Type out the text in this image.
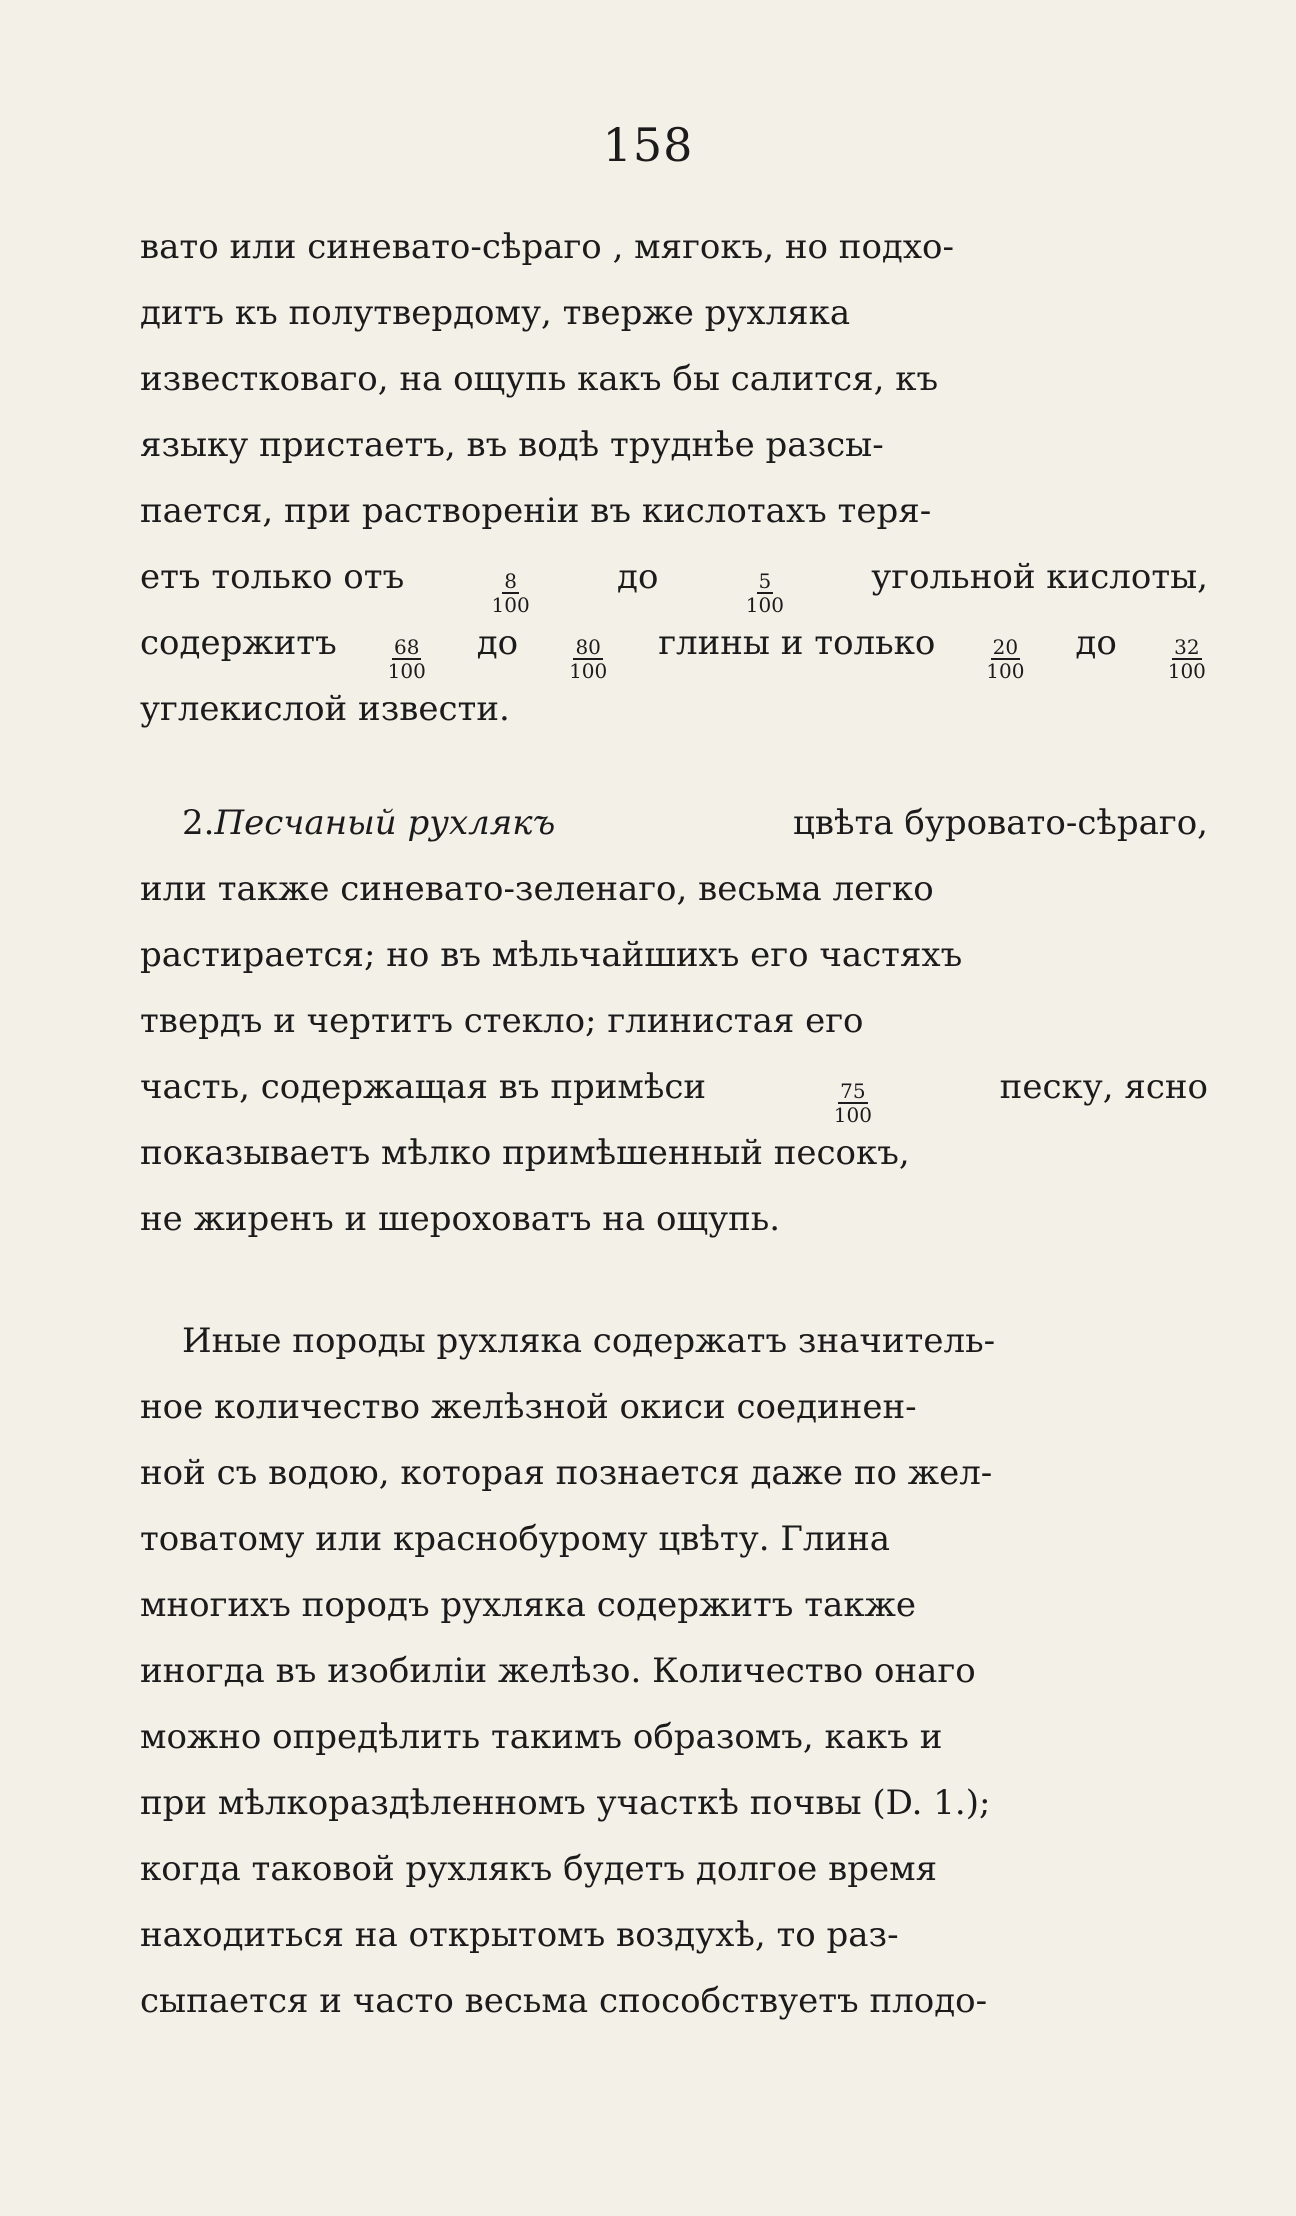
158
вато или синевато-сѣраго , мягокъ, но подхо-
дитъ къ полутвердому, тверже рухляка
известковаго, на ощупь какъ бы салится, къ
языку пристаетъ, въ водѣ труднѣе разсы-
пается, при растворенiи въ кислотахъ теря-
етъ только отъ	$\frac{8}{100}$	до	$\frac{5}{100}$	угольной кислоты,
содержитъ	$\frac{68}{100}$ до	$\frac{80}{100}$ глины и только	$\frac{20}{100}$ до	$\frac{32}{100}$
углекислой извести.
2.Песчаный рухлякъ	цвѣта буровато-сѣраго,
или также синевато-зеленаго, весьма легко
растирается; но въ мѣльчайшихъ его частяхъ
твердъ и чертитъ стекло; глинистая его
часть, содержащая въ примѣси	$\frac{75}{100}$	песку, ясно
показываетъ мѣлко примѣшенный песокъ,
не жиренъ и шероховатъ на ощупь.
Иные породы рухляка содержатъ значитель-
ное количество желѣзной окиси соединен-
ной съ водою, которая познается даже по жел-
товатому или краснобурому цвѣту. Глина
многихъ породъ рухляка содержитъ также
иногда въ изобилiи желѣзо. Количество онаго
можно опредѣлить такимъ образомъ, какъ и
при мѣлкораздѣленномъ участкѣ почвы (D. 1.);
когда таковой рухлякъ будетъ долгое время
находиться на открытомъ воздухѣ, то раз-
сыпается и часто весьма способствуетъ плодо-
